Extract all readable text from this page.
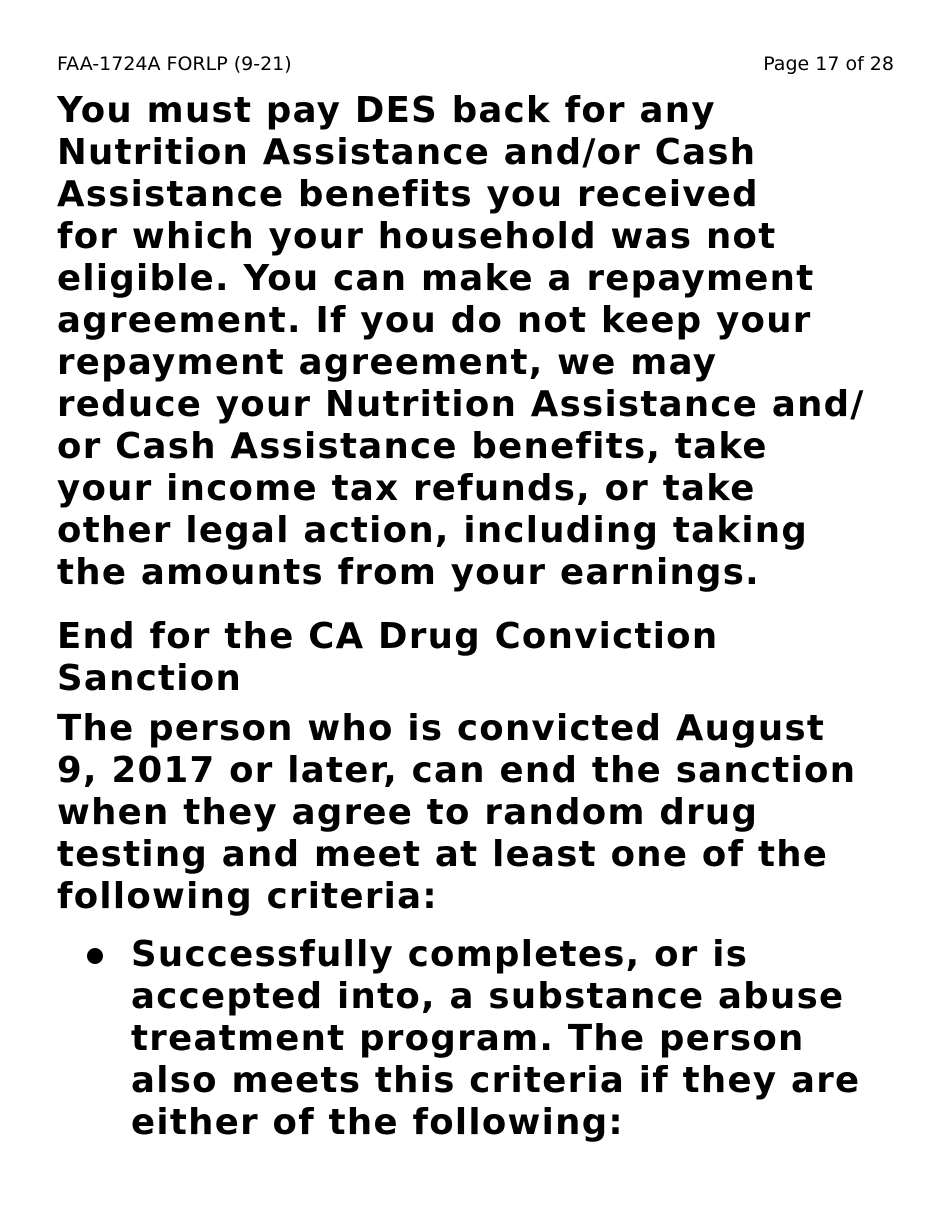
FAA-1724A FORLP (9-21)	Page 17 of 28

You must pay DES back for any
Nutrition Assistance and/or Cash
Assistance benefits you received
for which your household was not
eligible. You can make a repayment
agreement. If you do not keep your
repayment agreement, we may
reduce your Nutrition Assistance and/
or Cash Assistance benefits, take
your income tax refunds, or take
other legal action, including taking
the amounts from your earnings.

End for the CA Drug Conviction
Sanction

The person who is convicted August
9, 2017 or later, can end the sanction
when they agree to random drug
testing and meet at least one of the
following criteria:

Successfully completes, or is
accepted into, a substance abuse
treatment program. The person
also meets this criteria if they are
either of the following:
